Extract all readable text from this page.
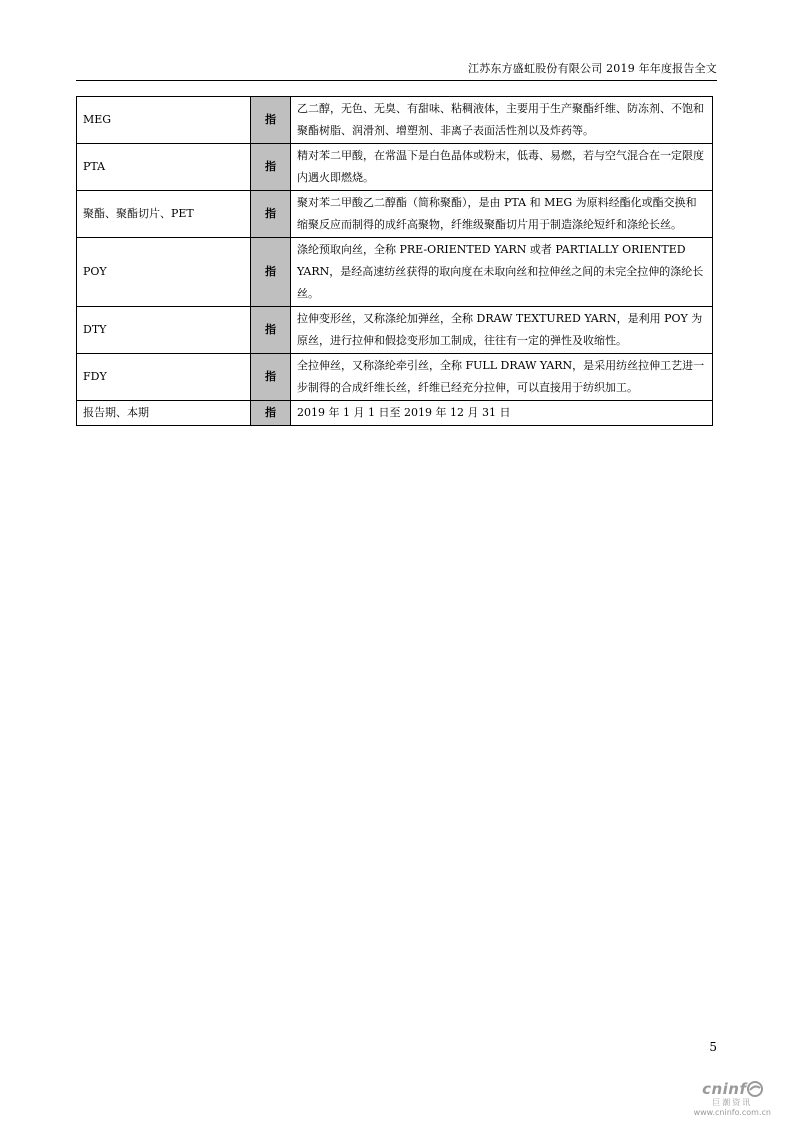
江苏东方盛虹股份有限公司 2019 年年度报告全文
MEG	指	乙二醇，无色、无臭、有甜味、粘稠液体，主要用于生产聚酯纤维、防冻剂、不饱和聚酯树脂、润滑剂、增塑剂、非离子表面活性剂以及炸药等。
PTA	指	精对苯二甲酸，在常温下是白色晶体或粉末，低毒、易燃，若与空气混合在一定限度内遇火即燃烧。
聚酯、聚酯切片、PET	指	聚对苯二甲酸乙二醇酯（简称聚酯），是由 PTA 和 MEG 为原料经酯化或酯交换和缩聚反应而制得的成纤高聚物，纤维级聚酯切片用于制造涤纶短纤和涤纶长丝。
POY	指	涤纶预取向丝，全称 PRE-ORIENTED YARN 或者 PARTIALLY ORIENTED YARN，是经高速纺丝获得的取向度在未取向丝和拉伸丝之间的未完全拉伸的涤纶长丝。
DTY	指	拉伸变形丝，又称涤纶加弹丝，全称 DRAW TEXTURED YARN，是利用 POY 为原丝，进行拉伸和假捻变形加工制成，往往有一定的弹性及收缩性。
FDY	指	全拉伸丝，又称涤纶牵引丝，全称 FULL DRAW YARN，是采用纺丝拉伸工艺进一步制得的合成纤维长丝，纤维已经充分拉伸，可以直接用于纺织加工。
报告期、本期	指	2019 年 1 月 1 日至 2019 年 12 月 31 日
5
cninf
巨潮资讯
www.cninfo.com.cn
